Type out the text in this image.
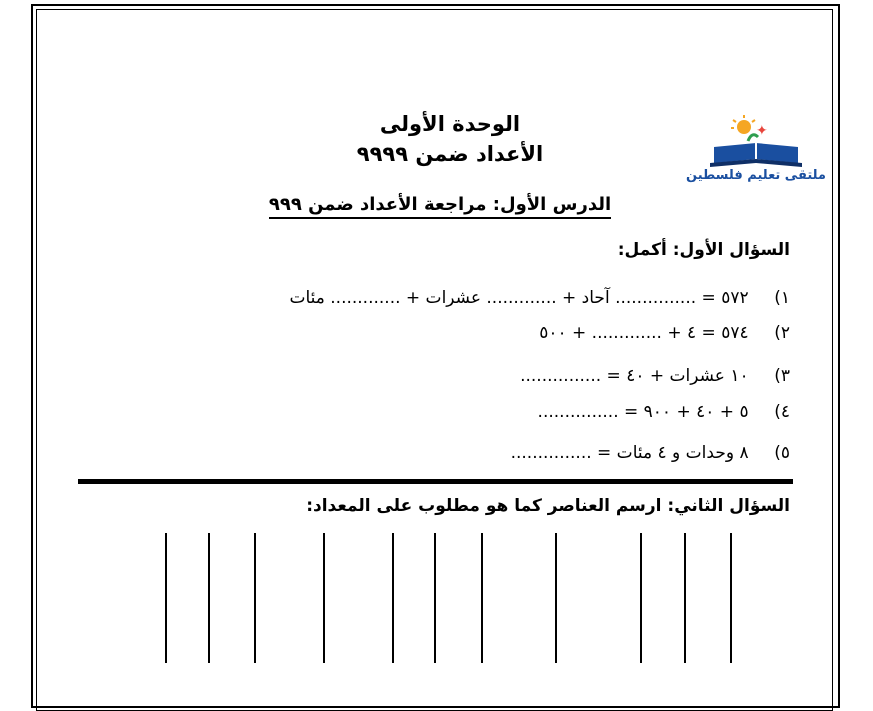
الوحدة الأولى
الأعداد ضمن ٩٩٩٩
✦
ملتقى تعليم فلسطين
الدرس الأول: مراجعة الأعداد ضمن ٩٩٩
السؤال الأول: أكمل:
١) ٥٧٢ = ............... آحاد + ............. عشرات + ............. مئات
٢) ٥٧٤ = ٤ + ............. + ٥٠٠
٣) ١٠ عشرات + ٤٠ = ...............
٤) ٥ + ٤٠ + ٩٠٠ = ...............
٥) ٨ وحدات و ٤ مئات = ...............
السؤال الثاني: ارسم العناصر كما هو مطلوب على المعداد:
